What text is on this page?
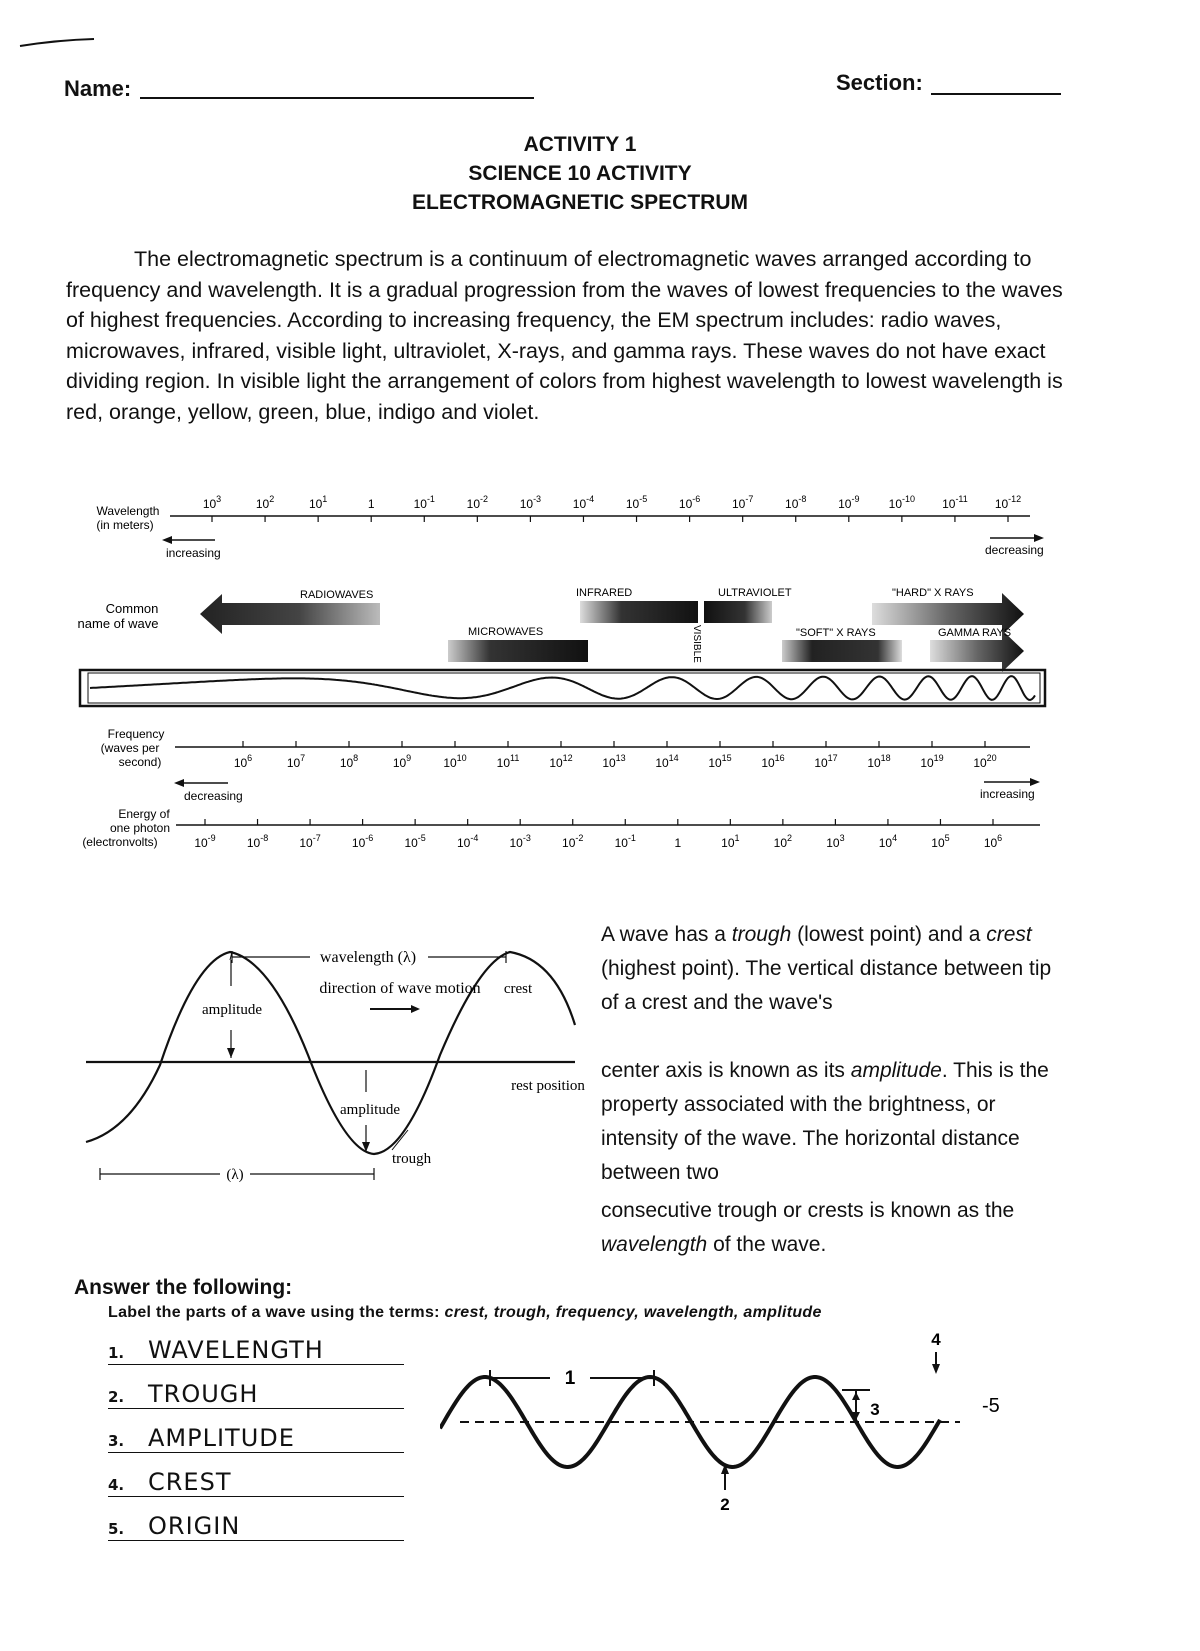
Name:	Section:
ACTIVITY 1
SCIENCE 10 ACTIVITY
ELECTROMAGNETIC SPECTRUM
The electromagnetic spectrum is a continuum of electromagnetic waves arranged according to frequency and wavelength. It is a gradual progression from the waves of lowest frequencies to the waves of highest frequencies. According to increasing frequency, the EM spectrum includes: radio waves, microwaves, infrared, visible light, ultraviolet, X-rays, and gamma rays. These waves do not have exact dividing region. In visible light the arrangement of colors from highest wavelength to lowest wavelength is red, orange, yellow, green, blue, indigo and violet.
Wavelength
(in meters)
$10^3$	$10^2$	$10^1$	1	$10^{-1}$	$10^{-2}$	$10^{-3}$	$10^{-4}$	$10^{-5}$	$10^{-6}$	$10^{-7}$	$10^{-8}$	$10^{-9}$ $10^{-10}$ $10^{-11}$ $10^{-12}$
increasing	decreasing
Common
name of wave
RADIOWAVES
MICROWAVES
INFRARED
VISIBLE
ULTRAVIOLET
"SOFT" X RAYS
"HARD" X RAYS
GAMMA RAYS
Frequency
(waves per
second)	$10^6$	$10^7$	$10^8$	$10^9$	$10^{10}$ $10^{11}$ $10^{12}$ $10^{13}$ $10^{14}$ $10^{15}$ $10^{16}$ $10^{17}$ $10^{18}$ $10^{19}$ $10^{20}$
decreasing	increasing
Energy of
one photon
(electronvolts)	$10^{-9}$	$10^{-8}$	$10^{-7}$	$10^{-6}$	$10^{-5}$	$10^{-4}$	$10^{-3}$	$10^{-2}$	$10^{-1}$	1	$10^1$	$10^2$	$10^3$	$10^4$	$10^5$	$10^6$
wavelength (λ)
direction of wave motion crest
amplitude
amplitude
rest position
trough
(λ)
A wave has a trough (lowest point) and a crest (highest point). The vertical distance between tip of a crest and the wave's

center axis is known as its amplitude. This is the property associated with the brightness, or intensity of the wave. The horizontal distance between two

consecutive trough or crests is known as the wavelength of the wave.
Answer the following:
Label the parts of a wave using the terms: crest, trough, frequency, wavelength, amplitude
1. WAVELENGTH
2. TROUGH
3. AMPLITUDE
4. CREST
5. ORIGIN
1
2
3
4
-5
